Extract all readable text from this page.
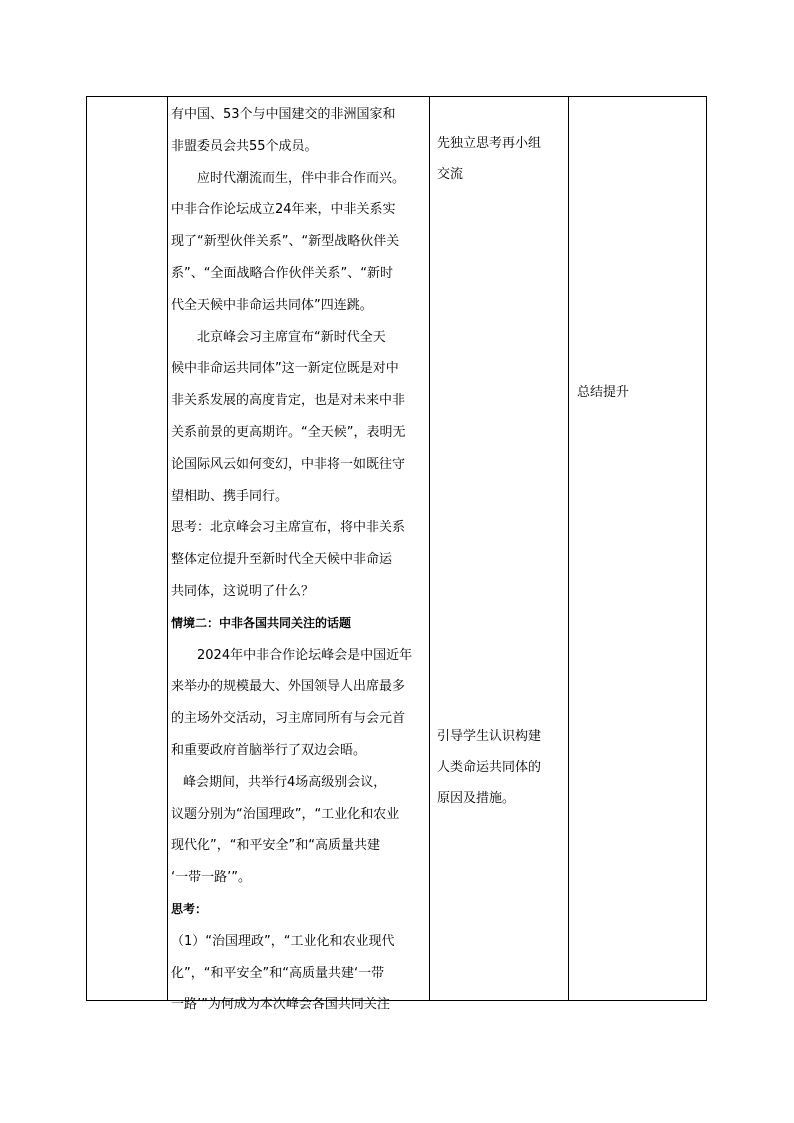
有中国、53个与中国建交的非洲国家和

非盟委员会共55个成员。

应时代潮流而生，伴中非合作而兴。

中非合作论坛成立24年来，中非关系实

现了“新型伙伴关系”、“新型战略伙伴关

系”、“全面战略合作伙伴关系”、“新时

代全天候中非命运共同体”四连跳。

北京峰会习主席宣布“新时代全天

候中非命运共同体”这一新定位既是对中

非关系发展的高度肯定，也是对未来中非

关系前景的更高期许。“全天候”，表明无

论国际风云如何变幻，中非将一如既往守

望相助、携手同行。

思考：北京峰会习主席宣布，将中非关系

整体定位提升至新时代全天候中非命运

共同体，这说明了什么？

情境二：中非各国共同关注的话题

2024年中非合作论坛峰会是中国近年

来举办的规模最大、外国领导人出席最多

的主场外交活动，习主席同所有与会元首

和重要政府首脑举行了双边会晤。

峰会期间，共举行4场高级别会议，

议题分别为“治国理政”，“工业化和农业

现代化”，“和平安全”和“高质量共建

‘一带一路’”。

思考：

（1）“治国理政”，“工业化和农业现代

化”，“和平安全”和“高质量共建‘一带

一路’”为何成为本次峰会各国共同关注

先独立思考再小组

交流

引导学生认识构建

人类命运共同体的

原因及措施。

总结提升
